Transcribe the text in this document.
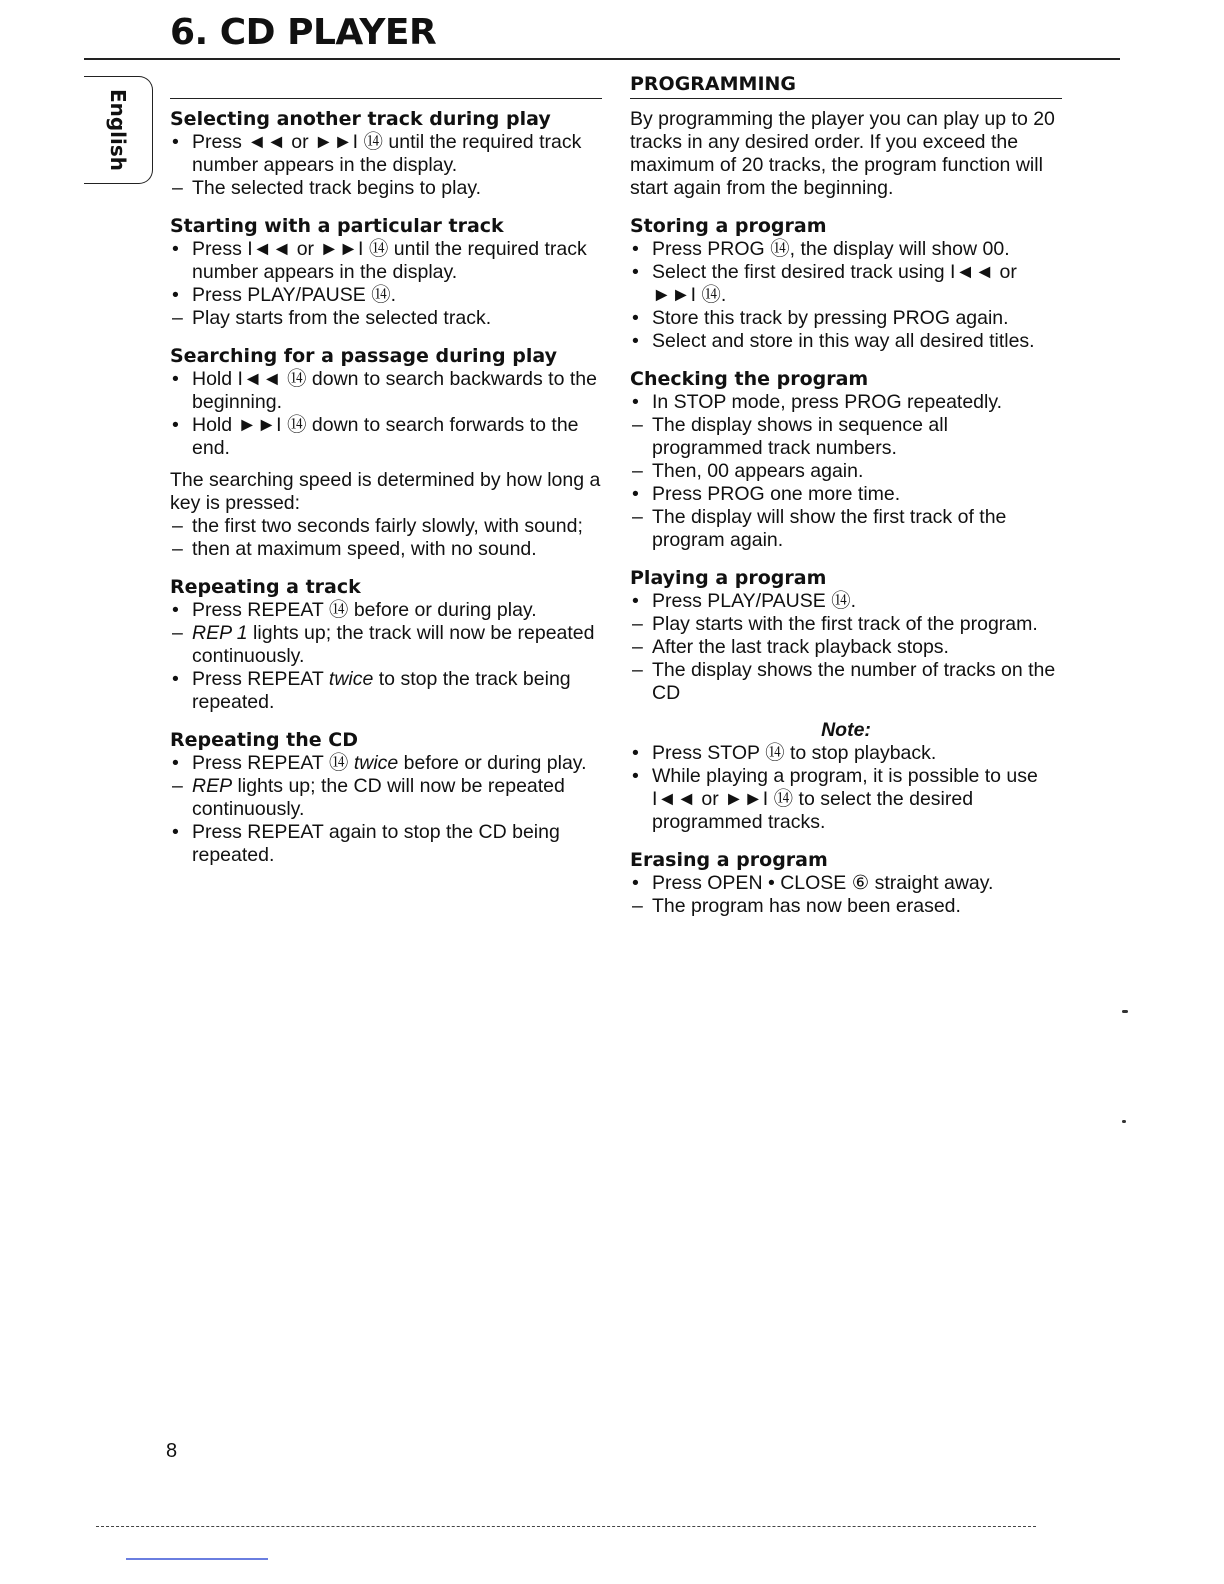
6. CD PLAYER
English Selecting another track during play
• Press ◄◄ or ►►I ⑭ until the required track number appears in the display.
– The selected track begins to play.
Starting with a particular track
• Press I◄◄ or ►►I ⑭ until the required track number appears in the display.
• Press PLAY/PAUSE ⑭.
– Play starts from the selected track.
Searching for a passage during play
• Hold I◄◄ ⑭ down to search backwards to the beginning.
• Hold ►►I ⑭ down to search forwards to the end.

The searching speed is determined by how long a key is pressed:

– the first two seconds fairly slowly, with sound;
– then at maximum speed, with no sound.
Repeating a track
• Press REPEAT ⑭ before or during play.
– REP 1 lights up; the track will now be repeated continuously.
• Press REPEAT twice to stop the track being repeated.
Repeating the CD
• Press REPEAT ⑭ twice before or during play.
– REP lights up; the CD will now be repeated continuously.
• Press REPEAT again to stop the CD being repeated.
PROGRAMMING

By programming the player you can play up to 20 tracks in any desired order. If you exceed the maximum of 20 tracks, the program function will start again from the beginning.

Storing a program
• Press PROG ⑭, the display will show 00.
• Select the first desired track using I◄◄ or ►►I ⑭.
• Store this track by pressing PROG again.
• Select and store in this way all desired titles.
Checking the program
• In STOP mode, press PROG repeatedly.
– The display shows in sequence all programmed track numbers.
– Then, 00 appears again.
• Press PROG one more time.
– The display will show the first track of the program again.
Playing a program
• Press PLAY/PAUSE ⑭.
– Play starts with the first track of the program.
– After the last track playback stops.
– The display shows the number of tracks on the CD
Note:
• Press STOP ⑭ to stop playback.
• While playing a program, it is possible to use I◄◄ or ►►I ⑭ to select the desired programmed tracks.
Erasing a program
• Press OPEN • CLOSE ⑥ straight away.
– The program has now been erased.
8
